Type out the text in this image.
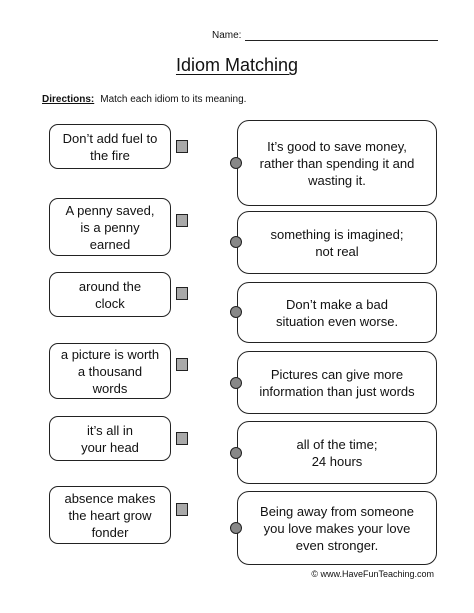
Name:
Idiom Matching
Directions: Match each idiom to its meaning.
Don’t add fuel to
the fire
A penny saved,
is a penny
earned
around the
clock
a picture is worth
a thousand
words
it’s all in
your head
absence makes
the heart grow
fonder
It’s good to save money,
rather than spending it and
wasting it.
something is imagined;
not real
Don’t make a bad
situation even worse.
Pictures can give more
information than just words
all of the time;
24 hours
Being away from someone
you love makes your love
even stronger.
© www.HaveFunTeaching.com
